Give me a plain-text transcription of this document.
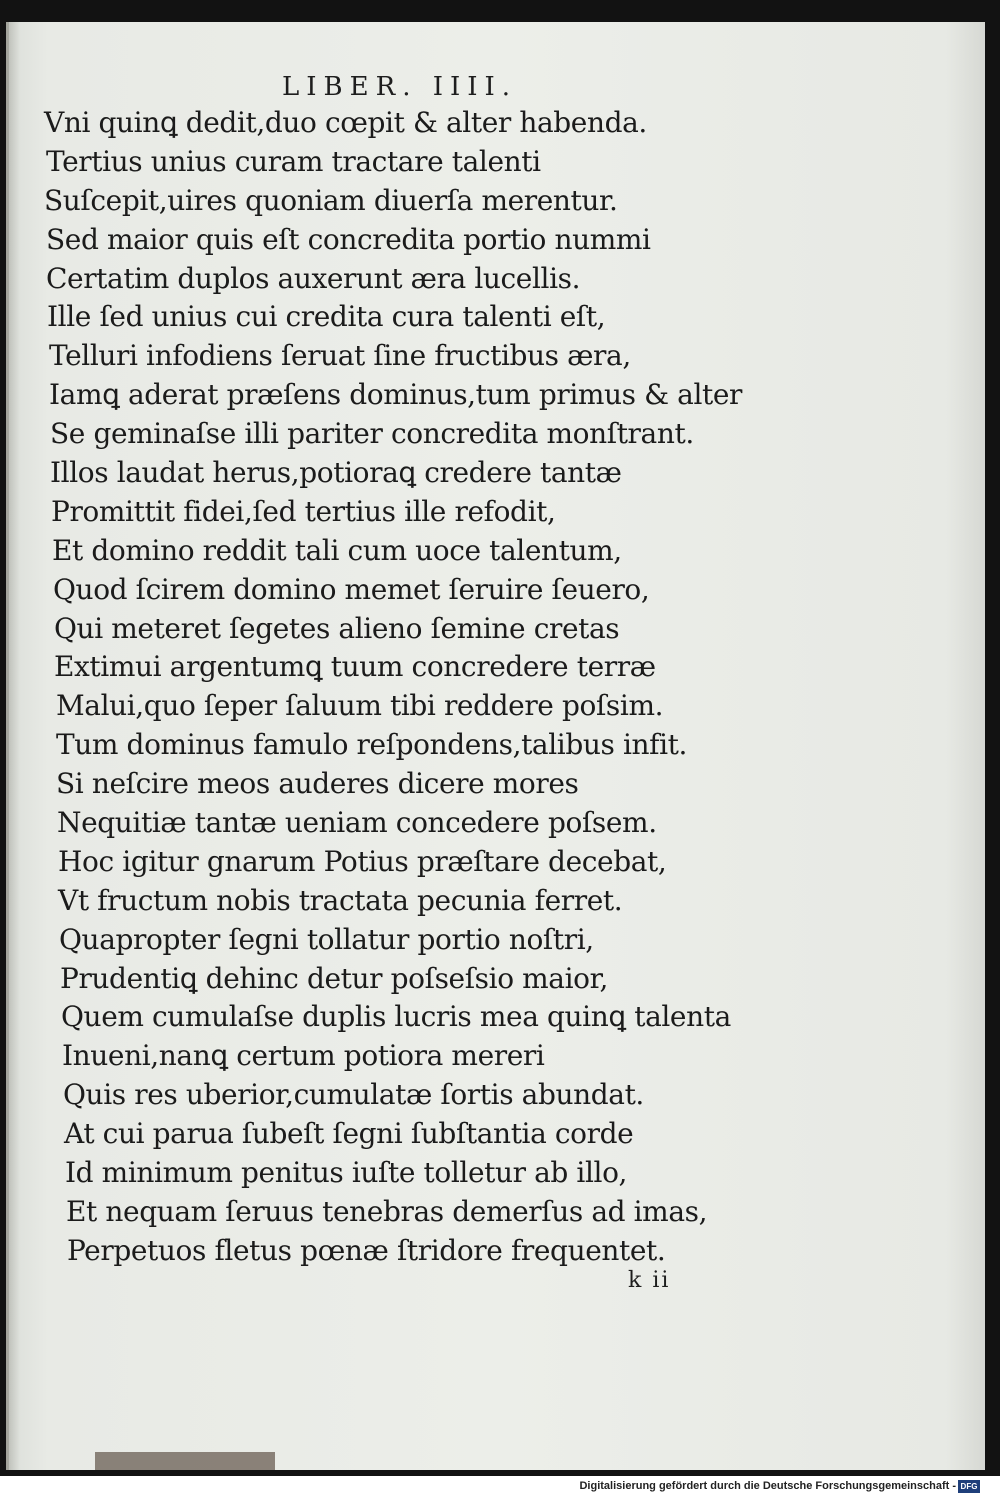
LIBER. IIII.
Vni quinꝗ dedit,duo cœpit & alter habenda.
Tertius unius curam tractare talenti
Suſcepit,uires quoniam diuerſa merentur.
Sed maior quis eſt concredita portio nummi
Certatim duplos auxerunt æra lucellis.
Ille ſed unius cui credita cura talenti eſt,
Telluri infodiens ſeruat ſine fructibus æra,
Iamꝗ aderat præſens dominus,tum primus & alter
Se geminaſse illi pariter concredita monſtrant.
Illos laudat herus,potioraꝗ credere tantæ
Promittit fidei,ſed tertius ille refodit,
Et domino reddit tali cum uoce talentum,
Quod ſcirem domino memet ſeruire ſeuero,
Qui meteret ſegetes alieno ſemine cretas
Extimui argentumꝗ tuum concredere terræ
Malui,quo ſeper ſaluum tibi reddere poſsim.
Tum dominus famulo reſpondens,talibus infit.
Si neſcire meos auderes dicere mores
Nequitiæ tantæ ueniam concedere poſsem.
Hoc igitur gnarum Potius præſtare decebat,
Vt fructum nobis tractata pecunia ferret.
Quapropter ſegni tollatur portio noſtri,
Prudentiꝗ dehinc detur poſseſsio maior,
Quem cumulaſse duplis lucris mea quinꝗ talenta
Inueni,nanꝗ certum potiora mereri
Quis res uberior,cumulatæ ſortis abundat.
At cui parua ſubeſt ſegni ſubſtantia corde
Id minimum penitus iuſte tolletur ab illo,
Et nequam ſeruus tenebras demerſus ad imas,
Perpetuos fletus pœnæ ſtridore frequentet.
k ii
Digitalisierung gefördert durch die Deutsche Forschungsgemeinschaft - DFG
